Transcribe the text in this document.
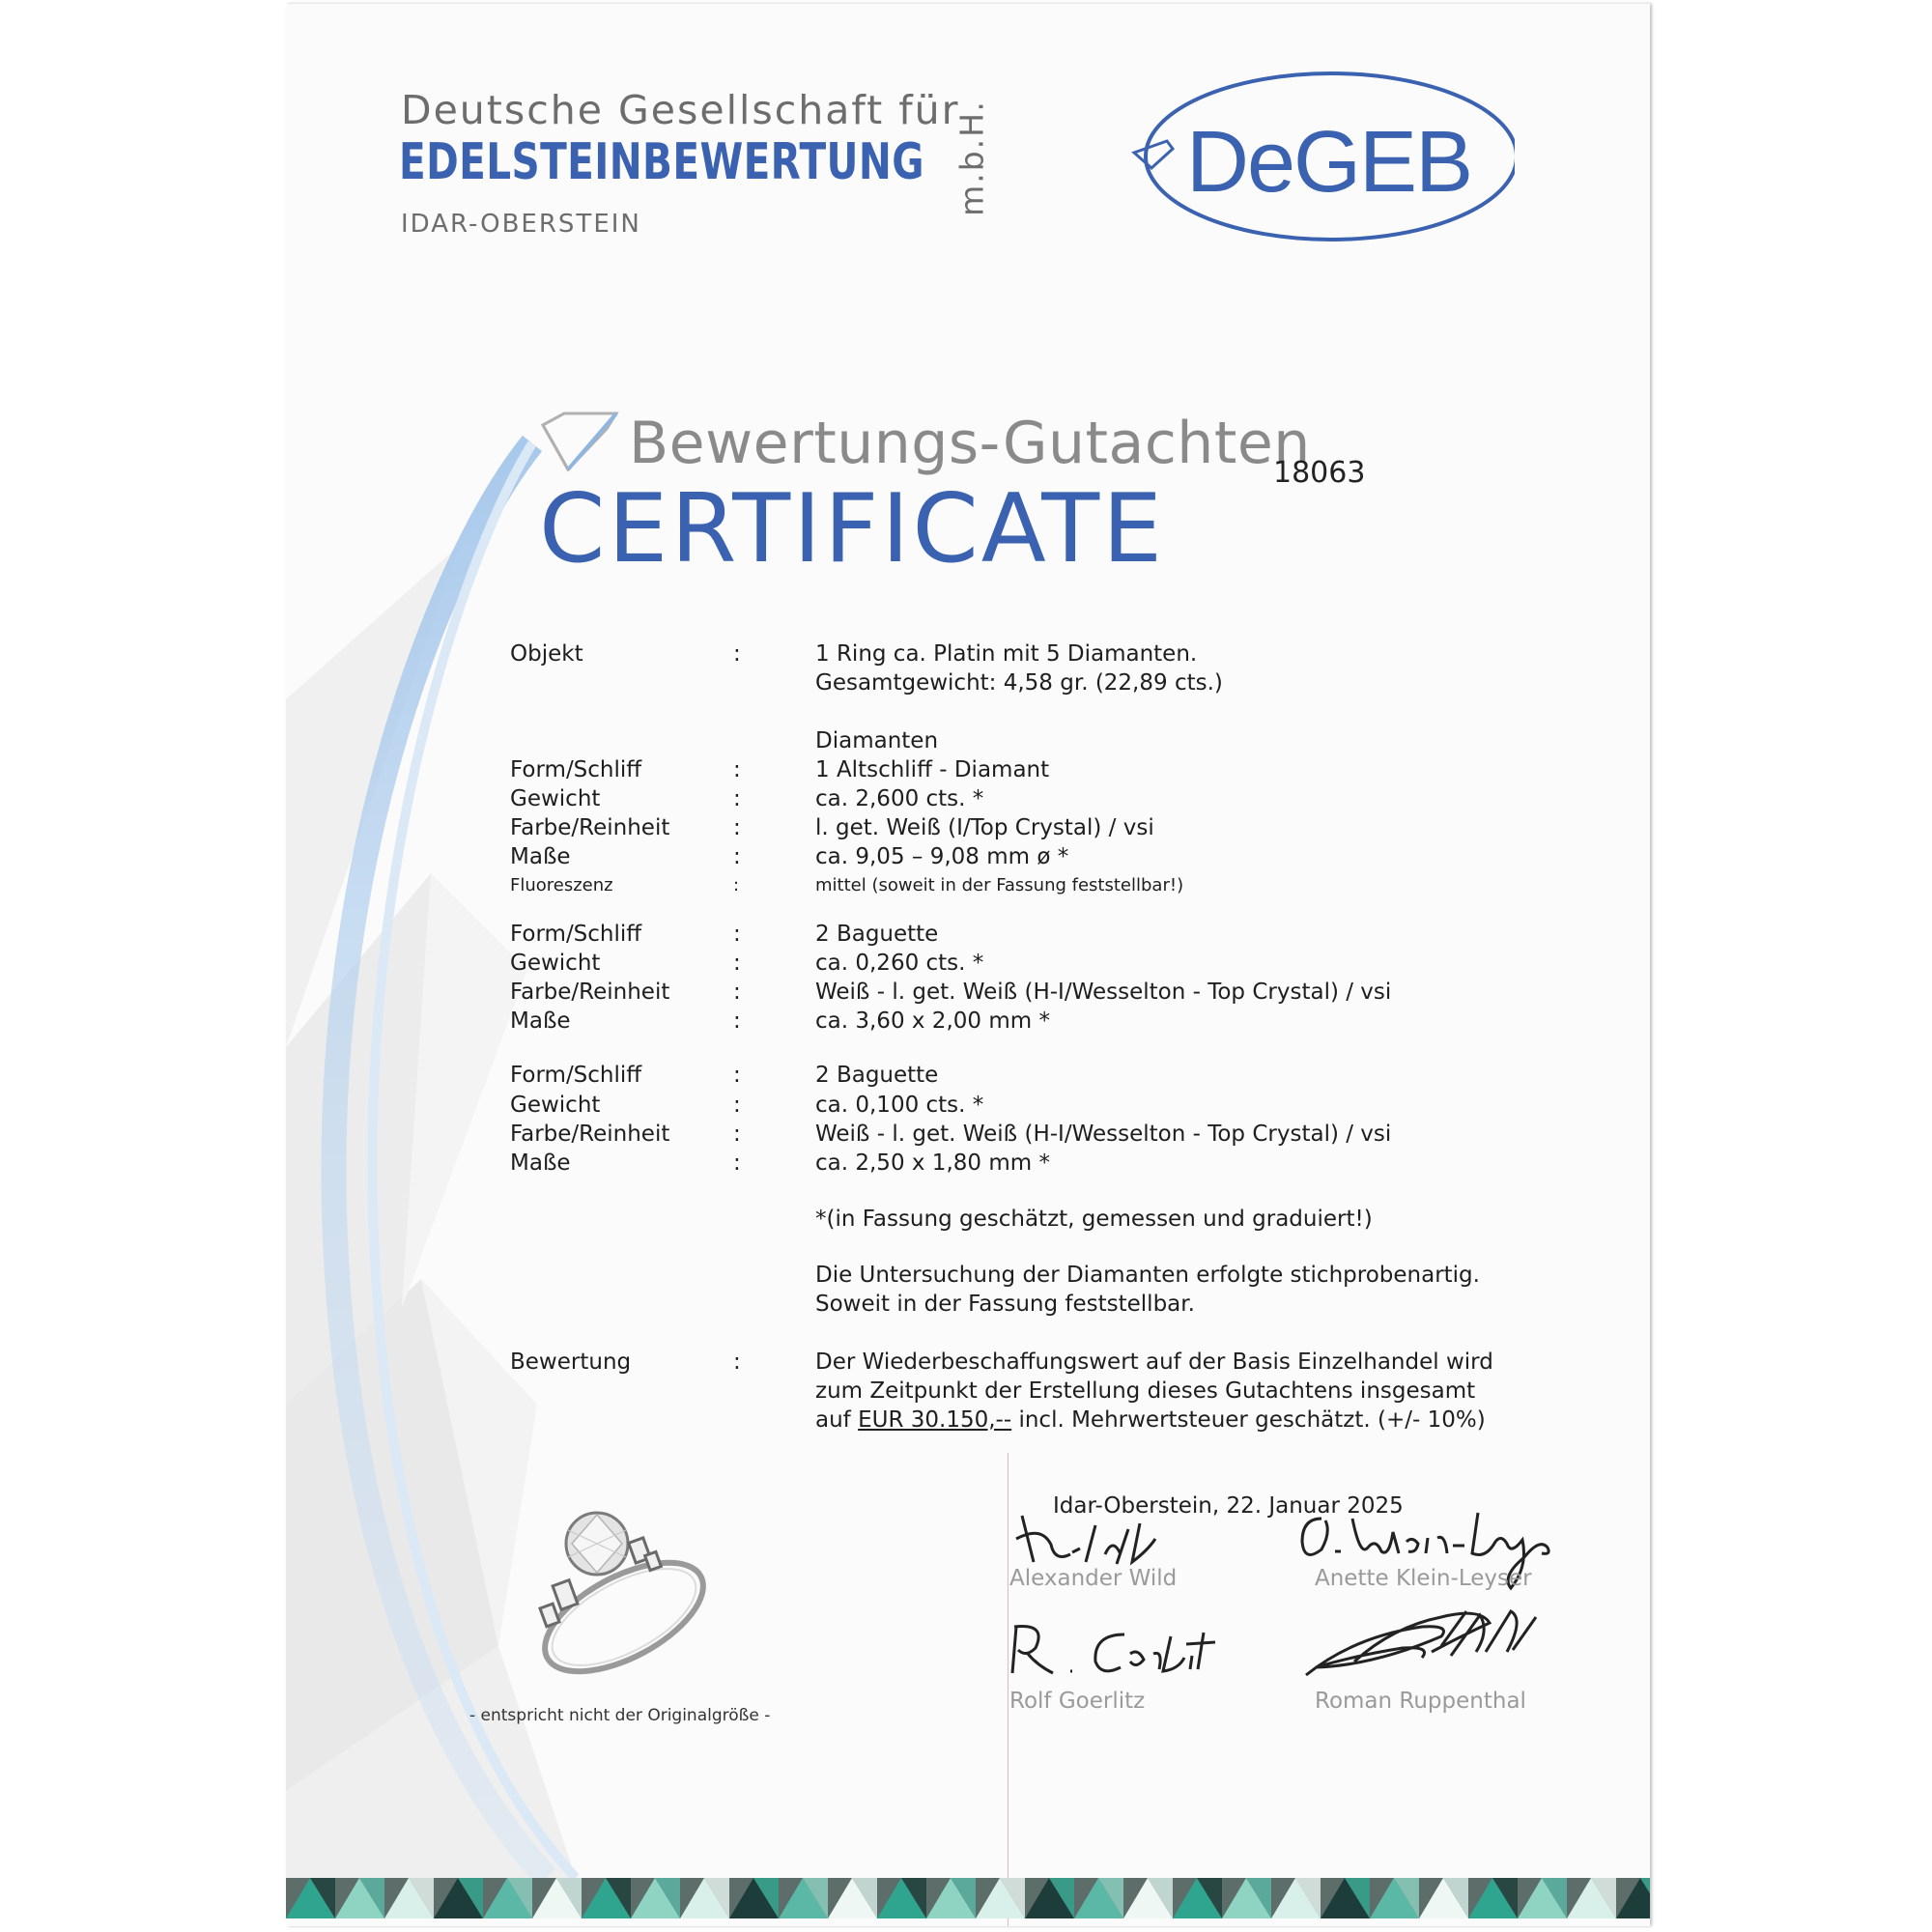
Deutsche Gesellschaft für
EDELSTEINBEWERTUNG m.b.H.
IDAR-OBERSTEIN
DeGEB
Bewertungs-Gutachten
CERTIFICATE
18063
Objekt	:	1 Ring ca. Platin mit 5 Diamanten.
Gesamtgewicht: 4,58 gr. (22,89 cts.)
Diamanten
Form/Schliff	:	1 Altschliff - Diamant
Gewicht	:	ca. 2,600 cts. *
Farbe/Reinheit	:	l. get. Weiß (I/Top Crystal) / vsi
Maße	:	ca. 9,05 – 9,08 mm ø *
Fluoreszenz	:	mittel (soweit in der Fassung feststellbar!)
Form/Schliff	:	2 Baguette
Gewicht	:	ca. 0,260 cts. *
Farbe/Reinheit	:	Weiß - l. get. Weiß (H-I/Wesselton - Top Crystal) / vsi
Maße	:	ca. 3,60 x 2,00 mm *
Form/Schliff	:	2 Baguette
Gewicht	:	ca. 0,100 cts. *
Farbe/Reinheit	:	Weiß - l. get. Weiß (H-I/Wesselton - Top Crystal) / vsi
Maße	:	ca. 2,50 x 1,80 mm *
*(in Fassung geschätzt, gemessen und graduiert!)
Die Untersuchung der Diamanten erfolgte stichprobenartig.
Soweit in der Fassung feststellbar.
Bewertung	:	Der Wiederbeschaffungswert auf der Basis Einzelhandel wird
zum Zeitpunkt der Erstellung dieses Gutachtens insgesamt
auf EUR 30.150,-- incl. Mehrwertsteuer geschätzt. (+/- 10%)
Idar-Oberstein, 22. Januar 2025
Alexander Wild	Anette Klein-Leyser
Rolf Goerlitz	Roman Ruppenthal
- entspricht nicht der Originalgröße -
